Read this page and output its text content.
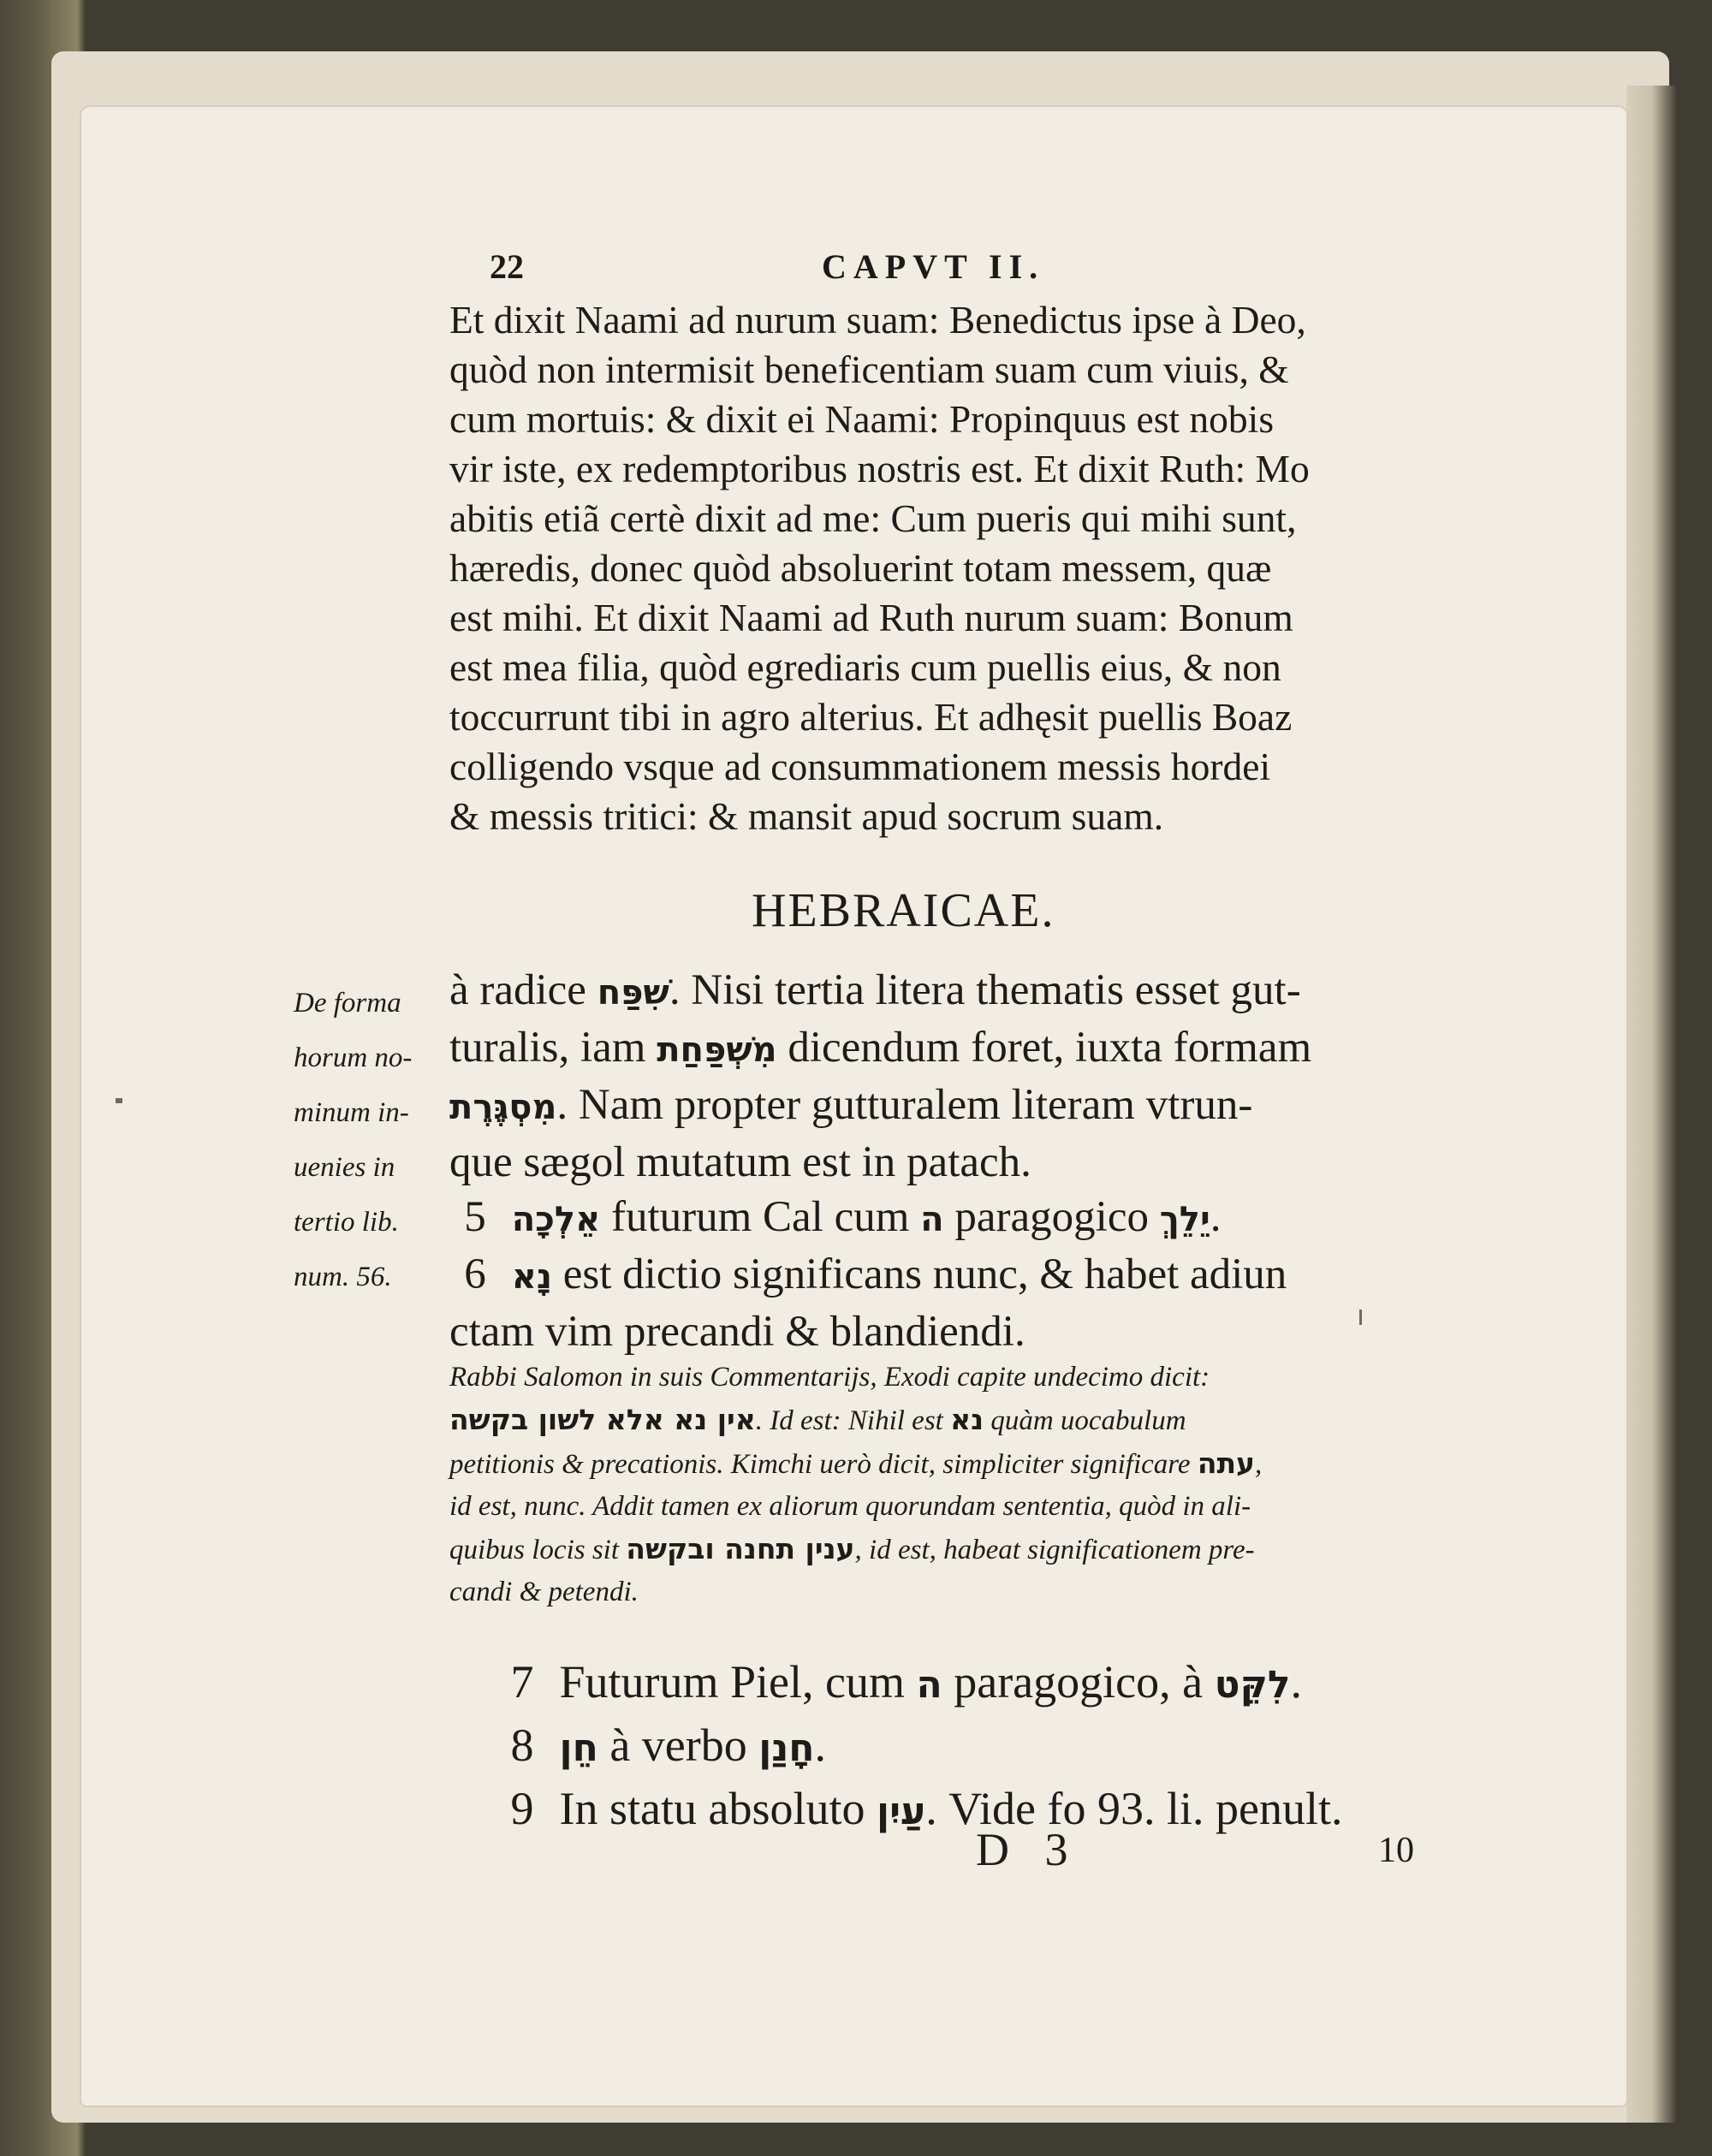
22	CAPVT II.
Et dixit Naami ad nurum suam: Benedictus ipse à Deo,
quòd non intermisit beneficentiam suam cum viuis, &
cum mortuis: & dixit ei Naami: Propinquus est nobis
vir iste, ex redemptoribus nostris est. Et dixit Ruth: Mo
abitis etiã certè dixit ad me: Cum pueris qui mihi sunt,
hæredis, donec quòd absoluerint totam messem, quæ
est mihi. Et dixit Naami ad Ruth nurum suam: Bonum
est mea filia, quòd egrediaris cum puellis eius, & non
toccurrunt tibi in agro alterius. Et adhęsit puellis Boaz
colligendo vsque ad consummationem messis hordei
& messis tritici: & mansit apud socrum suam.
HEBRAICAE.
De forma
horum no-
minum in-
uenies in
tertio lib.
num. 56.
à radice שִׁפַּח. Nisi tertia litera thematis esset gut-
turalis, iam מִשְׁפַּחַת dicendum foret, iuxta formam
מִסְגֶּרֶת. Nam propter gutturalem literam vtrun-
que sægol mutatum est in patach.
5 אֵלְכָה futurum Cal cum ה paragogico יֵלֵךְ.
6 נָא est dictio significans nunc, & habet adiun
ctam vim precandi & blandiendi.
Rabbi Salomon in suis Commentarijs, Exodi capite undecimo dicit:
אין נא אלא לשון בקשה. Id est: Nihil est נא quàm uocabulum
petitionis & precationis. Kimchi uerò dicit, simpliciter significare עתה,
id est, nunc. Addit tamen ex aliorum quorundam sententia, quòd in ali-
quibus locis sit ענין תחנה ובקשה, id est, habeat significationem pre-
candi & petendi.
7 Futurum Piel, cum ה paragogico, à לִקֵּט.
8 חֵן à verbo חָנַן.
9 In statu absoluto עַיִן. Vide fo 93. li. penult.
D 3	10
